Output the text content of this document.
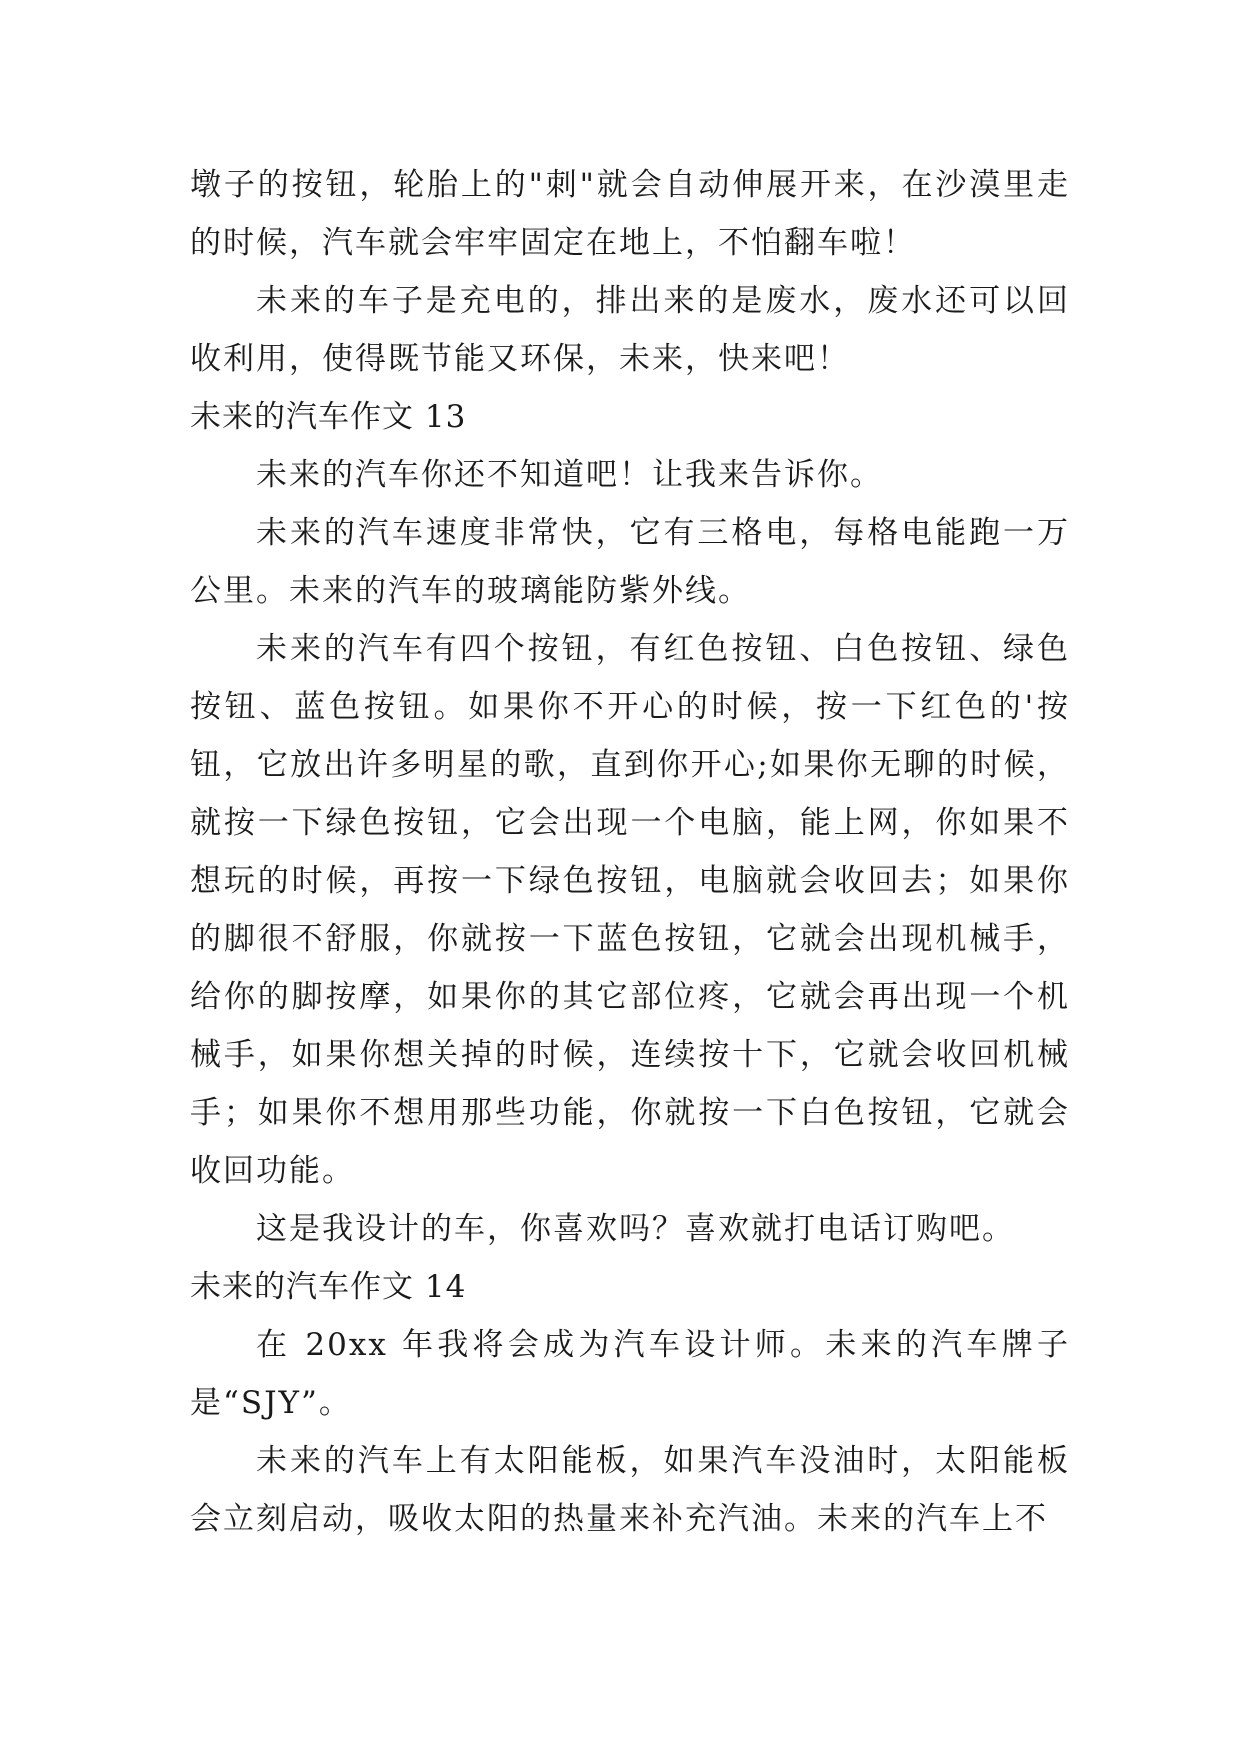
墩子的按钮，轮胎上的"刺"就会自动伸展开来，在沙漠里走的时候，汽车就会牢牢固定在地上，不怕翻车啦！

未来的车子是充电的，排出来的是废水，废水还可以回收利用，使得既节能又环保，未来，快来吧！

未来的汽车作文 13

未来的汽车你还不知道吧！让我来告诉你。

未来的汽车速度非常快，它有三格电，每格电能跑一万公里。未来的汽车的玻璃能防紫外线。

未来的汽车有四个按钮，有红色按钮、白色按钮、绿色按钮、蓝色按钮。如果你不开心的时候，按一下红色的'按钮，它放出许多明星的歌，直到你开心;如果你无聊的时候，就按一下绿色按钮，它会出现一个电脑，能上网，你如果不想玩的时候，再按一下绿色按钮，电脑就会收回去；如果你的脚很不舒服，你就按一下蓝色按钮，它就会出现机械手，给你的脚按摩，如果你的其它部位疼，它就会再出现一个机械手，如果你想关掉的时候，连续按十下，它就会收回机械手；如果你不想用那些功能，你就按一下白色按钮，它就会收回功能。

这是我设计的车，你喜欢吗？喜欢就打电话订购吧。

未来的汽车作文 14

在 20xx 年我将会成为汽车设计师。未来的汽车牌子是“SJY”。

未来的汽车上有太阳能板，如果汽车没油时，太阳能板会立刻启动，吸收太阳的热量来补充汽油。未来的汽车上不
